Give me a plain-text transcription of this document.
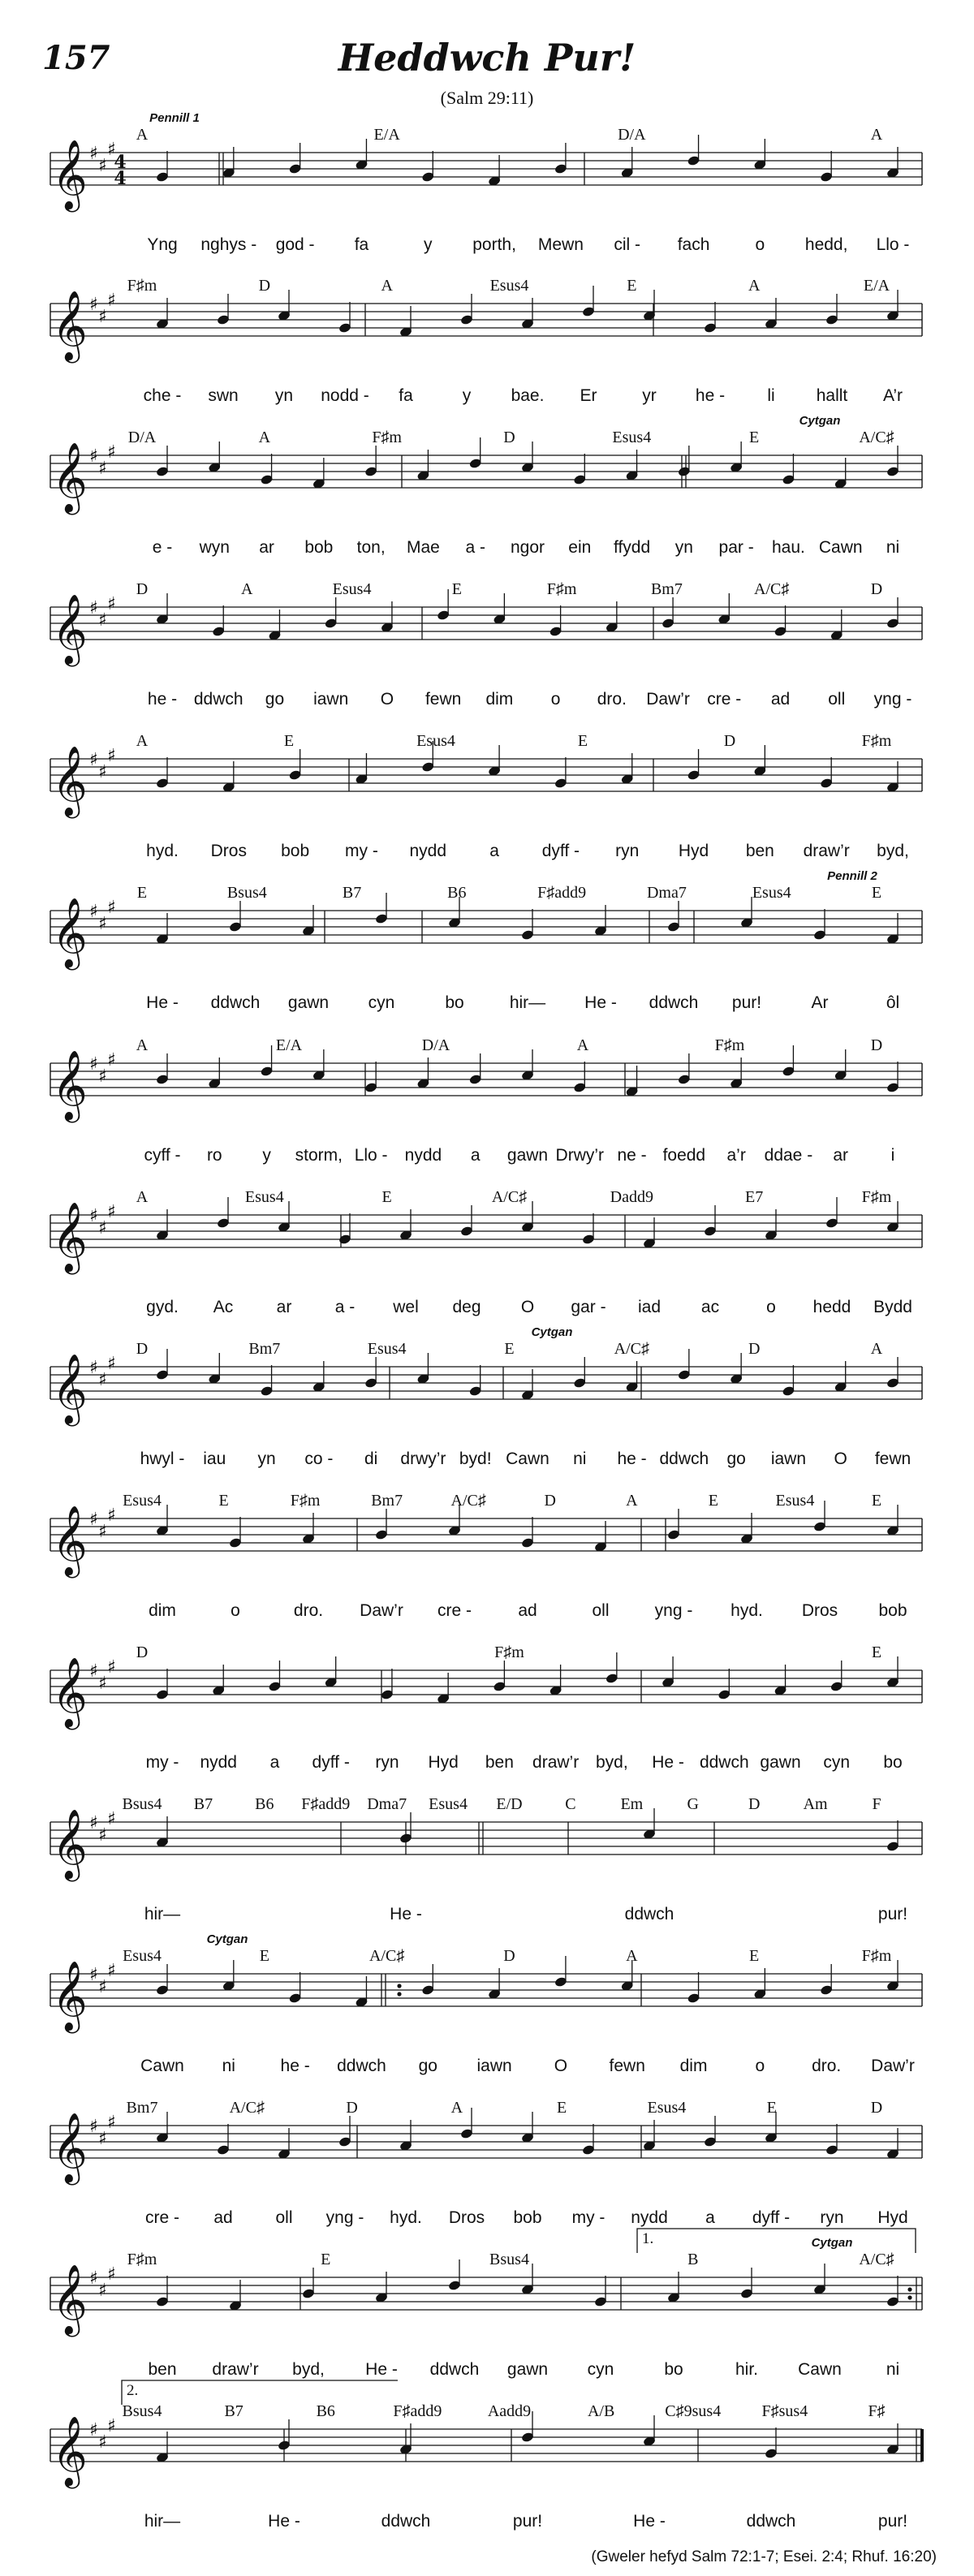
157	Heddwch Pur!
(Salm 29:11)
𝄞 ♯
♯
♯
4
4
A	E/A	D/A	A
Pennill 1
Yng nghys - god - fa	y porth, Mewn cil - fach	o hedd, Llo -
𝄞 ♯
♯
♯
F♯m	D	A	Esus4	E	A	E/A
che - swn yn nodd - fa	y bae. Er	yr he - li hallt A’r
𝄞 ♯
♯
♯
D/A	A	F♯m	D	Esus4	E	A/C♯
Cytgan
e - wyn ar bob ton, Mae a - ngor ein ffydd yn par - hau. Cawn ni
𝄞 ♯
♯
♯
D	A	Esus4	E	F♯m	Bm7	A/C♯	D
he - ddwch go iawn O fewn dim o dro. Daw’r cre - ad oll yng -
𝄞 ♯
♯
♯
A	E	Esus4	E	D	F♯m
hyd. Dros bob my - nydd	a	dyff - ryn Hyd ben draw’r byd,
𝄞 ♯
♯
♯
E	Bsus4	B7	B6	F♯add9	Dma7	Esus4	E
Pennill 2
He - ddwch gawn cyn	bo	hir— He - ddwch pur!	Ar	ôl
𝄞 ♯
♯
♯
A	E/A	D/A	A	F♯m	D
cyff - ro y storm, Llo - nydd a gawn Drwy’r ne - foedd a’r ddae - ar	i
𝄞 ♯
♯
♯
A	Esus4	E	A/C♯	Dadd9	E7	F♯m
gyd. Ac	ar	a - wel deg O gar - iad ac	o hedd Bydd
𝄞 ♯
♯
♯
D	Bm7	Esus4	E	A/C♯	D	A
Cytgan
hwyl - iau yn co - di drwy’r byd! Cawn ni he - ddwch go iawn O fewn
𝄞 ♯
♯
♯
Esus4	E	F♯m	Bm7	A/C♯	D	A	E	Esus4	E
dim	o	dro. Daw’r cre -	ad	oll	yng - hyd. Dros bob
𝄞 ♯
♯
♯
D	F♯m	E
my - nydd a dyff - ryn Hyd ben draw’r byd, He - ddwch gawn cyn bo
𝄞 ♯
♯
♯
Bsus4 B7	B6 F♯add9 Dma7 Esus4 E/D	C	Em	G	D	Am	F
hir—	He -	ddwch	pur!
𝄞 ♯
♯
♯
Esus4	E	A/C♯	D	A	E	F♯m
Cytgan
Cawn ni	he - ddwch go iawn O fewn dim	o	dro. Daw’r
𝄞 ♯
♯
♯
Bm7	A/C♯	D	A	E	Esus4	E	D
cre - ad	oll yng - hyd. Dros bob my - nydd a dyff - ryn Hyd
𝄞 ♯
♯
♯
1.
F♯m	E	Bsus4	B	A/C♯
Cytgan
ben draw’r byd, He - ddwch gawn cyn	bo	hir. Cawn	ni
𝄞 ♯
♯
♯
2.
Bsus4	B7	B6	F♯add9	Aadd9	A/B	C♯9sus4	F♯sus4	F♯
hir—	He -	ddwch	pur!	He -	ddwch	pur!
(Gweler hefyd Salm 72:1-7; Esei. 2:4; Rhuf. 16:20)
